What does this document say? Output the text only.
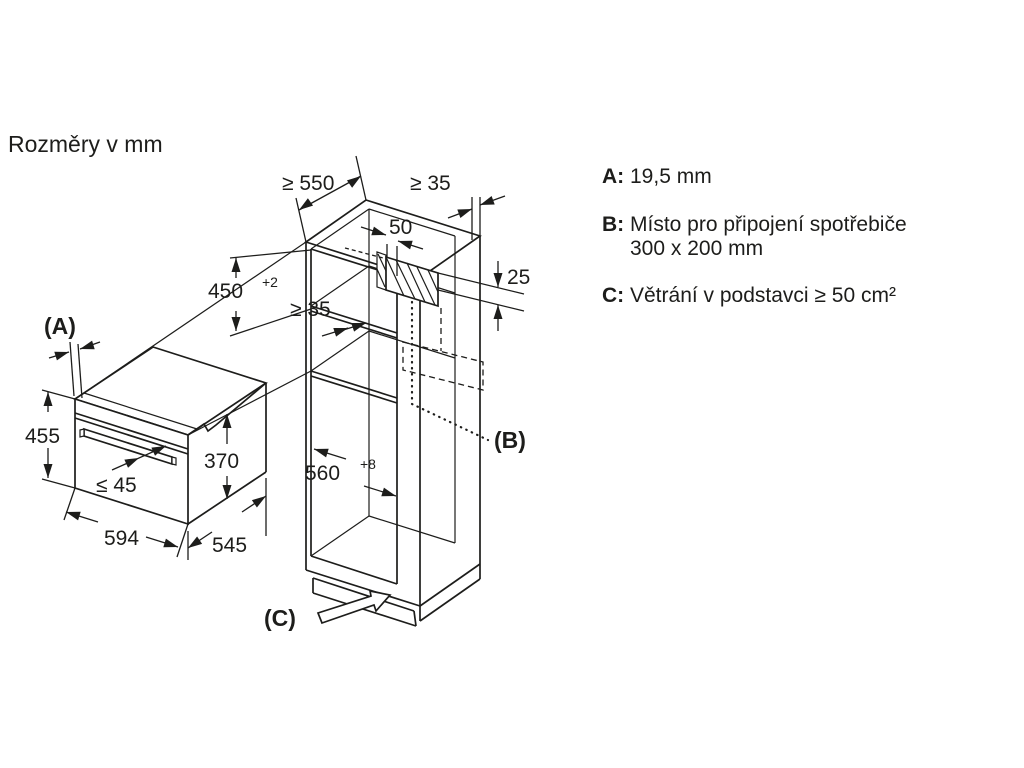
Rozměry v mm
≥ 550	≥ 35
50
25
450 +2
≥ 35
560 +8
(B)
(C)
(A)
455
370
≤ 45
594	545
A: 19,5 mm
B: Místo pro připojení spotřebiče
300 x 200 mm
C: Větrání v podstavci ≥ 50 cm²
